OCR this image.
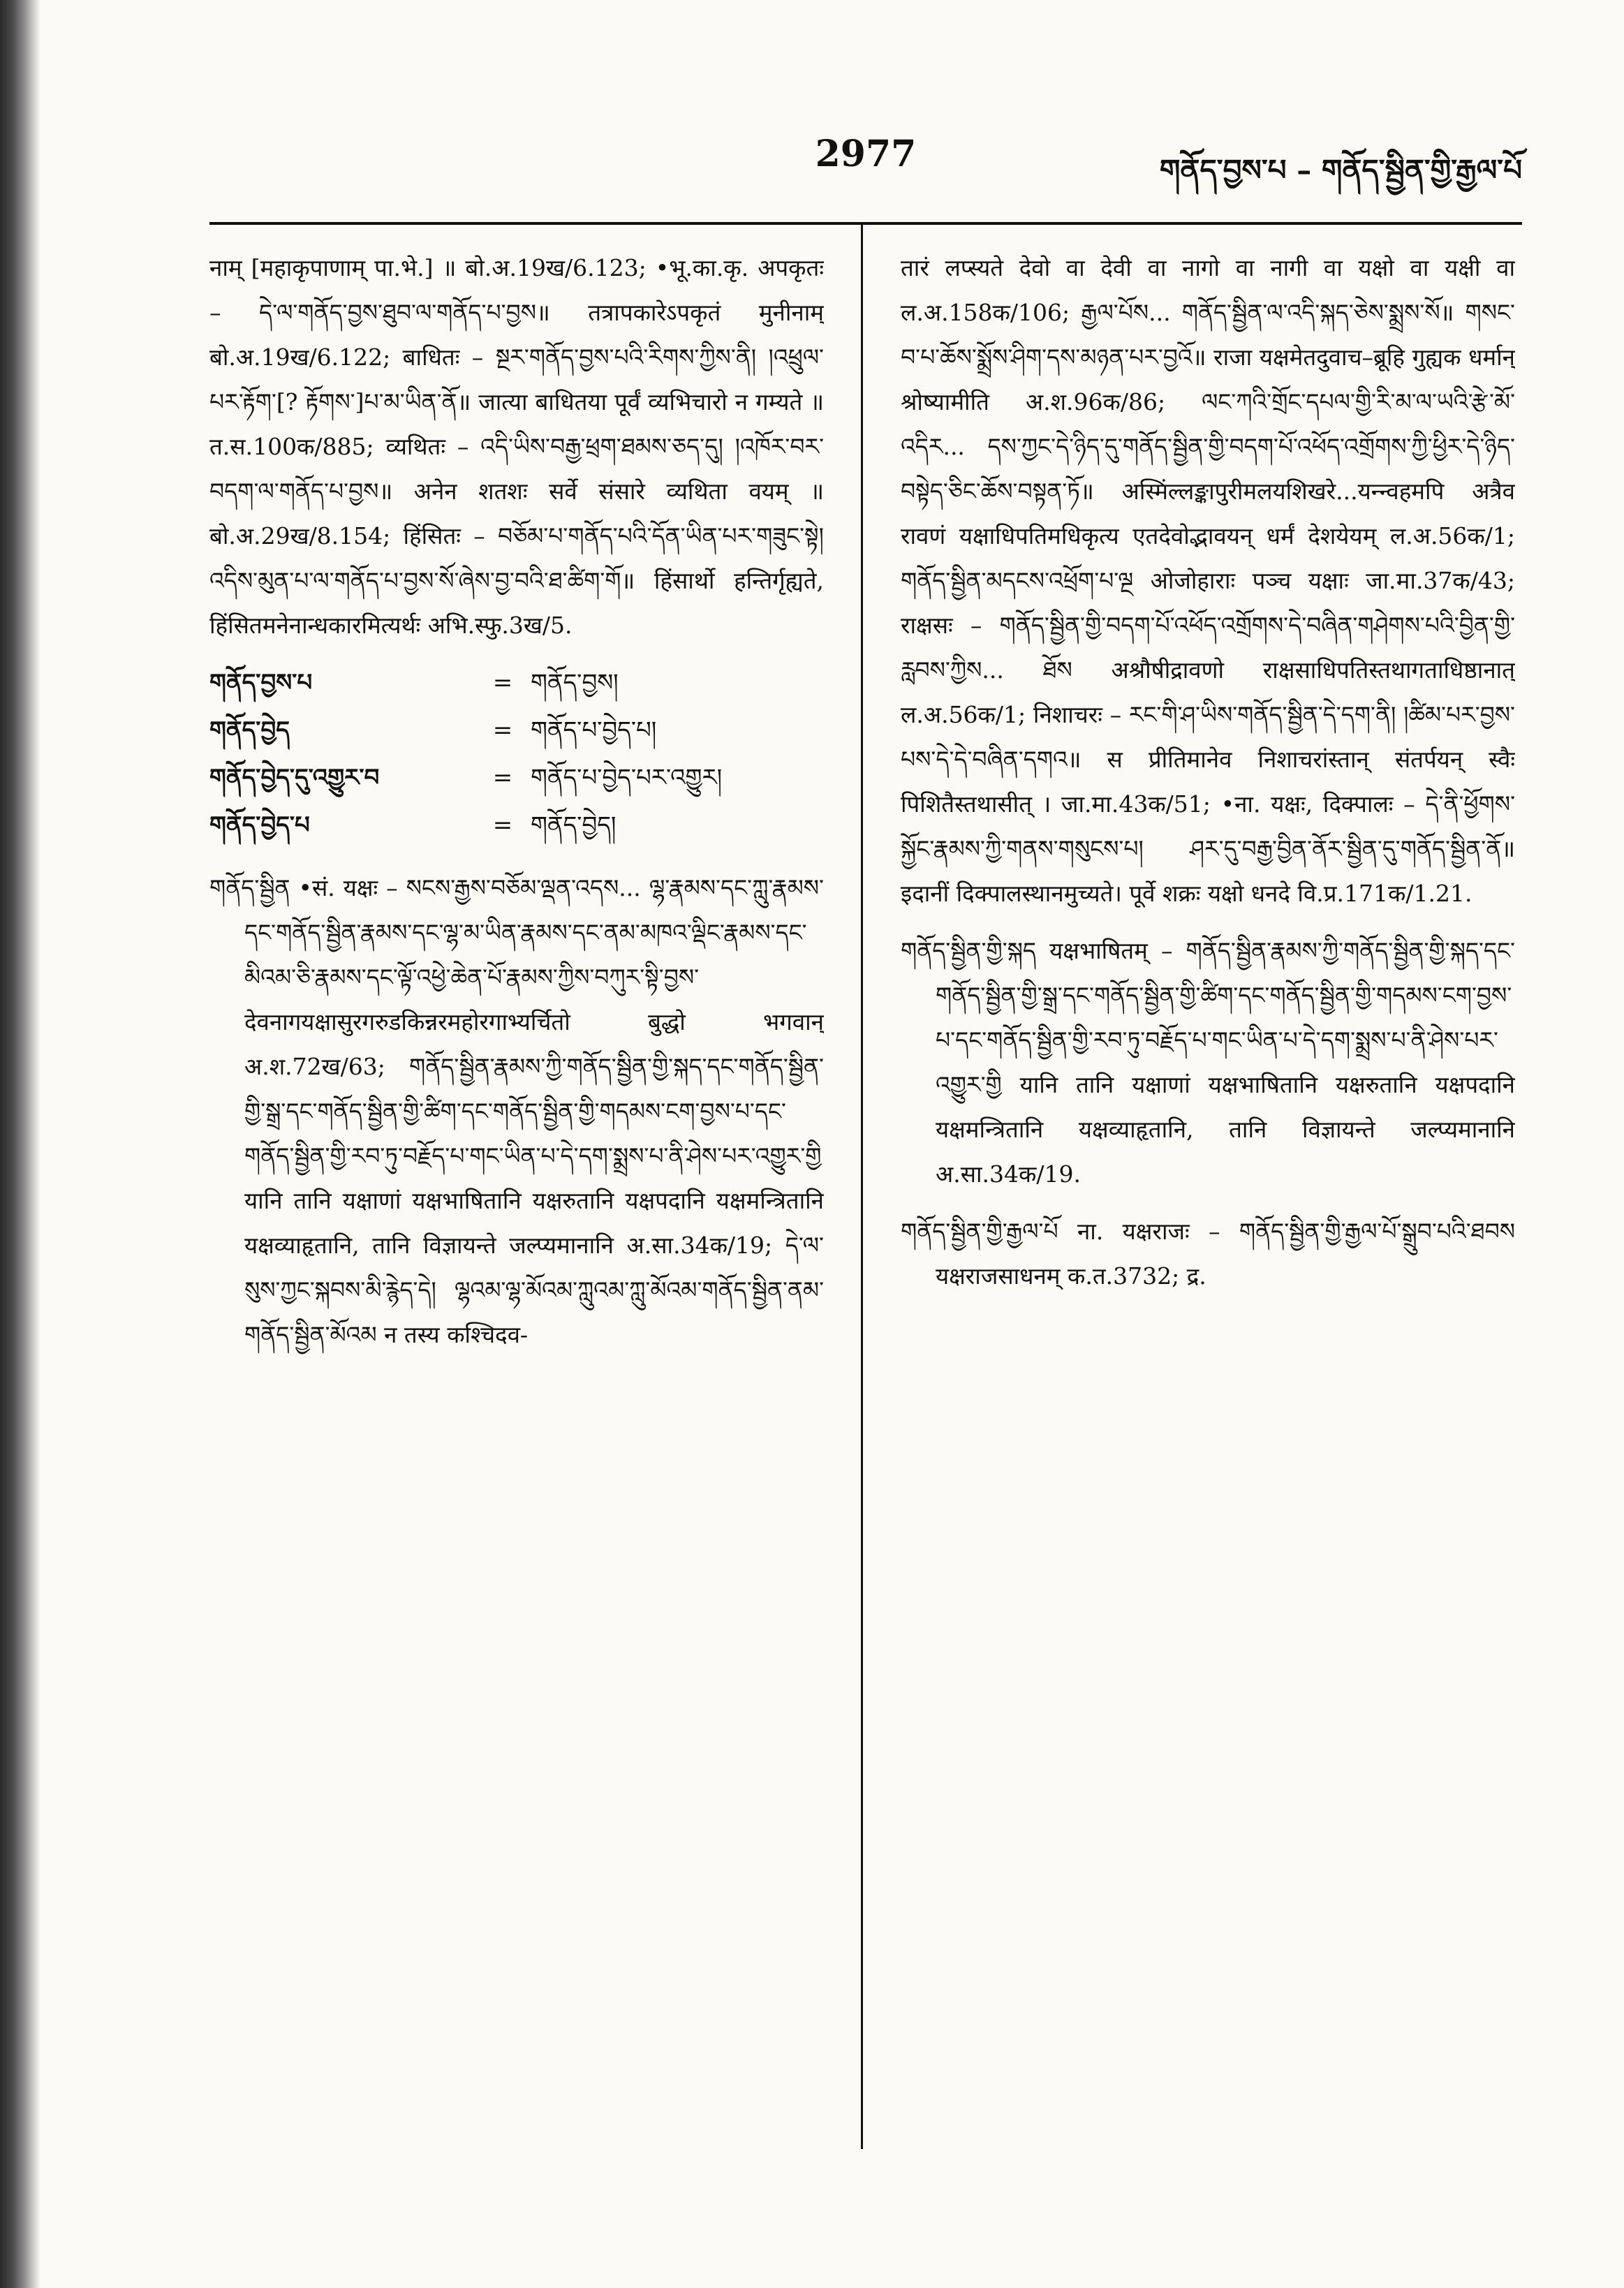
2977	གནོད་བྱས་པ – གནོད་སྦྱིན་གྱི་རྒྱལ་པོ

नाम् [महाकृपाणाम् पा.भे.] ॥ बो.अ.19ख/6.123; •भू.का.कृ. अपकृतः – དེ་ལ་གནོད་བྱས་ཐུབ་ལ་གནོད་པ་བྱས॥ तत्रापकारेऽपकृतं मुनीनाम् बो.अ.19ख/6.122; बाधितः – སྔར་གནོད་བྱས་པའི་རིགས་ཀྱིས་ནི། །འཕྲུལ་པར་རྟོག་[? རྟོགས་]པ་མ་ཡིན་ནོ॥ जात्या बाधितया पूर्वं व्यभिचारो न गम्यते ॥ त.स.100क/885; व्यथितः – འདི་ཡིས་བརྒྱ་ཕྲག་ཐམས་ཅད་དུ། །འཁོར་བར་བདག་ལ་གནོད་པ་བྱས॥ अनेन शतशः सर्वे संसारे व्यथिता वयम् ॥ बो.अ.29ख/8.154; हिंसितः – བཅོམ་པ་གནོད་པའི་དོན་ཡིན་པར་གཟུང་སྟེ། འདིས་མུན་པ་ལ་གནོད་པ་བྱས་སོ་ཞེས་བྱ་བའི་ཐ་ཚིག་གོ॥ हिंसार्थो हन्तिर्गृह्यते, हिंसितमनेनान्धकारमित्यर्थः अभि.स्फु.3ख/5.

གནོད་བྱས་པ	= གནོད་བྱས།
གནོད་བྱེད	= གནོད་པ་བྱེད་པ།
གནོད་བྱེད་དུ་འགྱུར་བ	= གནོད་པ་བྱེད་པར་འགྱུར།
གནོད་བྱེད་པ	= གནོད་བྱེད།

གནོད་སྦྱིན •सं. यक्षः – སངས་རྒྱས་བཅོམ་ལྡན་འདས... ལྷ་རྣམས་དང་ཀླུ་རྣམས་དང་གནོད་སྦྱིན་རྣམས་དང་ལྷ་མ་ཡིན་རྣམས་དང་ནམ་མཁའ་ལྡིང་རྣམས་དང་མིའམ་ཅི་རྣམས་དང་ལྟོ་འཕྱེ་ཆེན་པོ་རྣམས་ཀྱིས་བཀུར་སྟི་བྱས་ देवनागयक्षासुरगरुडकिन्नरमहोरगाभ्यर्चितो बुद्धो भगवान् अ.श.72ख/63; གནོད་སྦྱིན་རྣམས་ཀྱི་གནོད་སྦྱིན་གྱི་སྐད་དང་གནོད་སྦྱིན་གྱི་སྒྲ་དང་གནོད་སྦྱིན་གྱི་ཚིག་དང་གནོད་སྦྱིན་གྱི་གདམས་ངག་བྱས་པ་དང་གནོད་སྦྱིན་གྱི་རབ་ཏུ་བརྗོད་པ་གང་ཡིན་པ་དེ་དག་སྨྲས་པ་ནི་ཤེས་པར་འགྱུར་གྱི यानि तानि यक्षाणां यक्षभाषितानि यक्षरुतानि यक्षपदानि यक्षमन्त्रितानि यक्षव्याहृतानि, तानि विज्ञायन्ते जल्प्यमानानि अ.सा.34क/19; དེ་ལ་སུས་ཀྱང་སྐབས་མི་རྙེད་དེ། ལྷའམ་ལྷ་མོའམ་ཀླུའམ་ཀླུ་མོའམ་གནོད་སྦྱིན་ནམ་གནོད་སྦྱིན་མོའམ न तस्य कश्चिदव-

तारं लप्स्यते देवो वा देवी वा नागो वा नागी वा यक्षो वा यक्षी वा ल.अ.158क/106; རྒྱལ་པོས... གནོད་སྦྱིན་ལ་འདི་སྐད་ཅེས་སྨྲས་སོ॥ གསང་བ་པ་ཆོས་སྨྲོས་ཤིག་དས་མཉན་པར་བྱའོ॥ राजा यक्षमेतदुवाच–ब्रूहि गुह्यक धर्मान् श्रोष्यामीति अ.श.96क/86; ལང་ཀའི་གྲོང་དཔལ་གྱི་རི་མ་ལ་ཡའི་རྩེ་མོ་འདིར... དས་ཀྱང་དེ་ཉིད་དུ་གནོད་སྦྱིན་གྱི་བདག་པོ་འཕོད་འགྲོགས་ཀྱི་ཕྱིར་དེ་ཉིད་བསྟེད་ཅིང་ཆོས་བསྟན་ཏོ॥ अस्मिंल्लङ्कापुरीमलयशिखरे...यन्न्वहमपि अत्रैव रावणं यक्षाधिपतिमधिकृत्य एतदेवोद्भावयन् धर्मं देशयेयम् ल.अ.56क/1; གནོད་སྦྱིན་མདངས་འཕྲོག་པ་ལྔ ओजोहाराः पञ्च यक्षाः जा.मा.37क/43; राक्षसः – གནོད་སྦྱིན་གྱི་བདག་པོ་འཕོད་འགྲོགས་དེ་བཞིན་གཤེགས་པའི་བྱིན་གྱི་རླབས་ཀྱིས... ཐོས अश्रौषीद्रावणो राक्षसाधिपतिस्तथागताधिष्ठानात् ल.अ.56क/1; निशाचरः – རང་གི་ཤ་ཡིས་གནོད་སྦྱིན་དེ་དག་ནི། །ཚིམ་པར་བྱས་པས་དེ་དེ་བཞིན་དགའ॥ स प्रीतिमानेव निशाचरांस्तान् संतर्पयन् स्वैः पिशितैस्तथासीत् । जा.मा.43क/51; •ना. यक्षः, दिक्पालः – དེ་ནི་ཕྱོགས་སྐྱོང་རྣམས་ཀྱི་གནས་གསུངས་པ། ཤར་དུ་བརྒྱ་བྱིན་ནོར་སྦྱིན་དུ་གནོད་སྦྱིན་ནོ॥ इदानीं दिक्पालस्थानमुच्यते। पूर्वे शक्रः यक्षो धनदे वि.प्र.171क/1.21.

གནོད་སྦྱིན་གྱི་སྐད यक्षभाषितम् – གནོད་སྦྱིན་རྣམས་ཀྱི་གནོད་སྦྱིན་གྱི་སྐད་དང་གནོད་སྦྱིན་གྱི་སྒྲ་དང་གནོད་སྦྱིན་གྱི་ཚིག་དང་གནོད་སྦྱིན་གྱི་གདམས་ངག་བྱས་པ་དང་གནོད་སྦྱིན་གྱི་རབ་ཏུ་བརྗོད་པ་གང་ཡིན་པ་དེ་དག་སྨྲས་པ་ནི་ཤེས་པར་འགྱུར་གྱི यानि तानि यक्षाणां यक्षभाषितानि यक्षरुतानि यक्षपदानि यक्षमन्त्रितानि यक्षव्याहृतानि, तानि विज्ञायन्ते जल्प्यमानानि अ.सा.34क/19.

གནོད་སྦྱིན་གྱི་རྒྱལ་པོ ना. यक्षराजः – གནོད་སྦྱིན་གྱི་རྒྱལ་པོ་སྒྲུབ་པའི་ཐབས यक्षराजसाधनम् क.त.3732; द्र.
